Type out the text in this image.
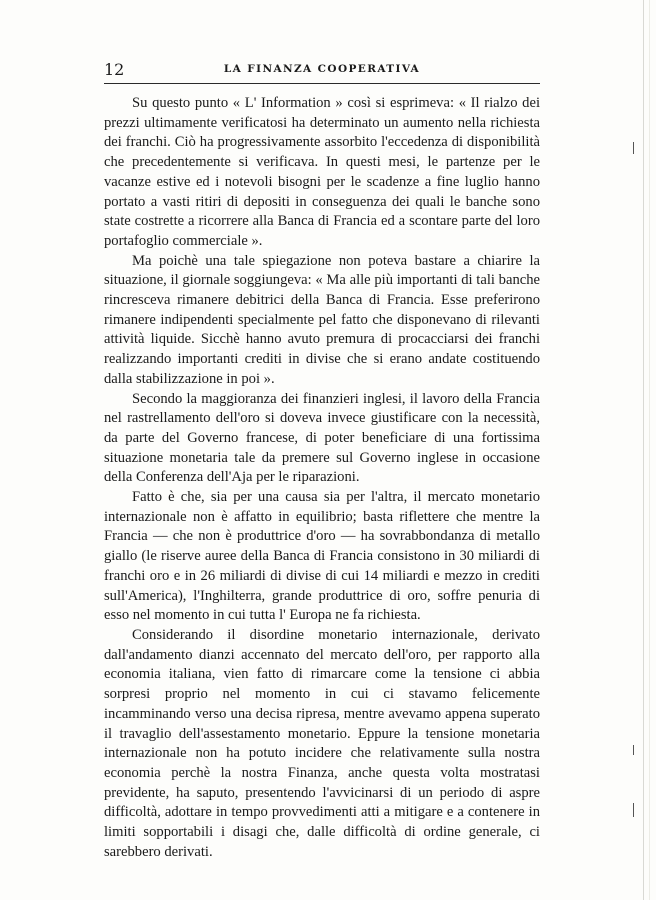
12	LA FINANZA COOPERATIVA

Su questo punto « L' Information » così si esprimeva: « Il rialzo dei prezzi ultimamente verificatosi ha determinato un aumento nella richiesta dei franchi. Ciò ha progressivamente assorbito l'eccedenza di disponibilità che precedentemente si verificava. In questi mesi, le partenze per le vacanze estive ed i notevoli bisogni per le scadenze a fine luglio hanno portato a vasti ritiri di depositi in conseguenza dei quali le banche sono state costrette a ricorrere alla Banca di Francia ed a scontare parte del loro portafoglio commerciale ».

Ma poichè una tale spiegazione non poteva bastare a chiarire la situazione, il giornale soggiungeva: « Ma alle più importanti di tali banche rincresceva rimanere debitrici della Banca di Francia. Esse preferirono rimanere indipendenti specialmente pel fatto che disponevano di rilevanti attività liquide. Sicchè hanno avuto premura di procacciarsi dei franchi realizzando importanti crediti in divise che si erano andate costituendo dalla stabilizzazione in poi ».

Secondo la maggioranza dei finanzieri inglesi, il lavoro della Francia nel rastrellamento dell'oro si doveva invece giustificare con la necessità, da parte del Governo francese, di poter beneficiare di una fortissima situazione monetaria tale da premere sul Governo inglese in occasione della Conferenza dell'Aja per le riparazioni.

Fatto è che, sia per una causa sia per l'altra, il mercato monetario internazionale non è affatto in equilibrio; basta riflettere che mentre la Francia — che non è produttrice d'oro — ha sovrabbondanza di metallo giallo (le riserve auree della Banca di Francia consistono in 30 miliardi di franchi oro e in 26 miliardi di divise di cui 14 miliardi e mezzo in crediti sull'America), l'Inghilterra, grande produttrice di oro, soffre penuria di esso nel momento in cui tutta l' Europa ne fa richiesta.

Considerando il disordine monetario internazionale, derivato dall'andamento dianzi accennato del mercato dell'oro, per rapporto alla economia italiana, vien fatto di rimarcare come la tensione ci abbia sorpresi proprio nel momento in cui ci stavamo felicemente incamminando verso una decisa ripresa, mentre avevamo appena superato il travaglio dell'assestamento monetario. Eppure la tensione monetaria internazionale non ha potuto incidere che relativamente sulla nostra economia perchè la nostra Finanza, anche questa volta mostratasi previdente, ha saputo, presentendo l'avvicinarsi di un periodo di aspre difficoltà, adottare in tempo provvedimenti atti a mitigare e a contenere in limiti sopportabili i disagi che, dalle difficoltà di ordine generale, ci sarebbero derivati.
